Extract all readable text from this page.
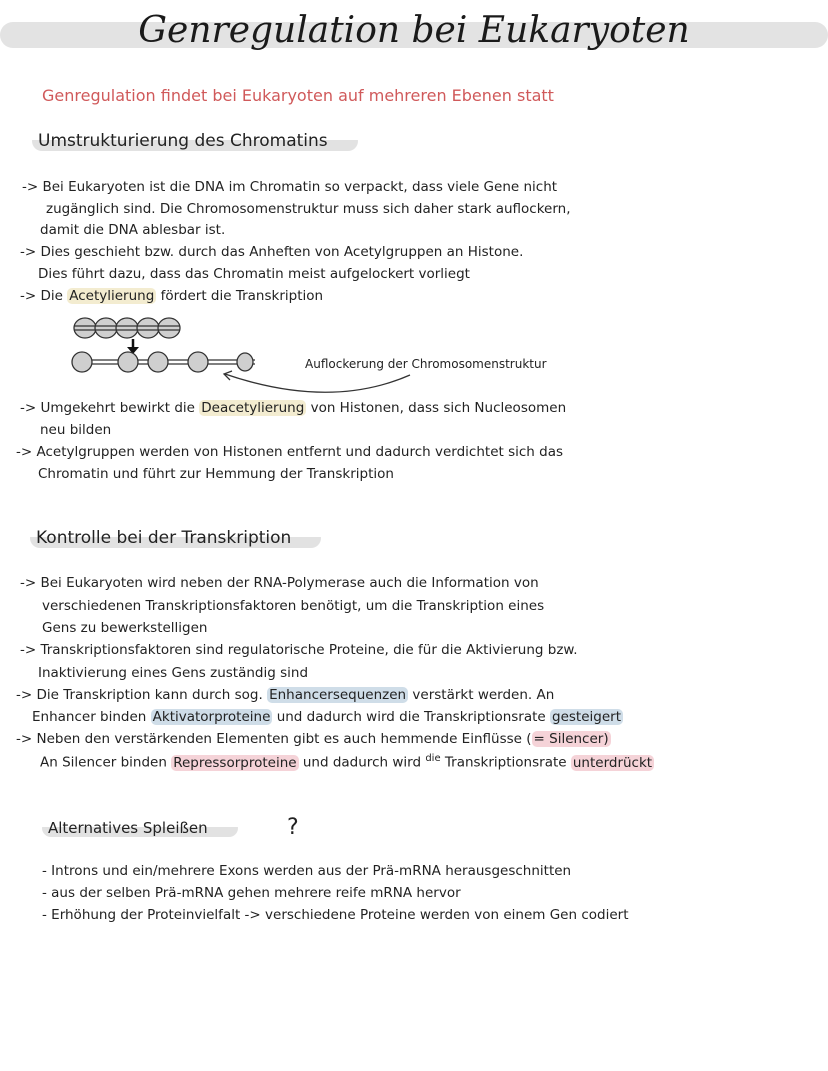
Genregulation bei Eukaryoten
Genregulation findet bei Eukaryoten auf mehreren Ebenen statt
Umstrukturierung des Chromatins
-> Bei Eukaryoten ist die DNA im Chromatin so verpackt, dass viele Gene nicht
zugänglich sind. Die Chromosomenstruktur muss sich daher stark auflockern,
damit die DNA ablesbar ist.
-> Dies geschieht bzw. durch das Anheften von Acetylgruppen an Histone.
Dies führt dazu, dass das Chromatin meist aufgelockert vorliegt
-> Die Acetylierung fördert die Transkription
Auflockerung der Chromosomenstruktur
-> Umgekehrt bewirkt die Deacetylierung von Histonen, dass sich Nucleosomen
neu bilden
-> Acetylgruppen werden von Histonen entfernt und dadurch verdichtet sich das
Chromatin und führt zur Hemmung der Transkription
Kontrolle bei der Transkription
-> Bei Eukaryoten wird neben der RNA-Polymerase auch die Information von
verschiedenen Transkriptionsfaktoren benötigt, um die Transkription eines
Gens zu bewerkstelligen
-> Transkriptionsfaktoren sind regulatorische Proteine, die für die Aktivierung bzw.
Inaktivierung eines Gens zuständig sind
-> Die Transkription kann durch sog. Enhancersequenzen verstärkt werden. An
Enhancer binden Aktivatorproteine und dadurch wird die Transkriptionsrate gesteigert
-> Neben den verstärkenden Elementen gibt es auch hemmende Einflüsse ( = Silencer)
An Silencer binden Repressorproteine und dadurch wird $^{die}$ Transkriptionsrate unterdrückt
Alternatives Spleißen	?
- Introns und ein/mehrere Exons werden aus der Prä-mRNA herausgeschnitten
- aus der selben Prä-mRNA gehen mehrere reife mRNA hervor
- Erhöhung der Proteinvielfalt -> verschiedene Proteine werden von einem Gen codiert
